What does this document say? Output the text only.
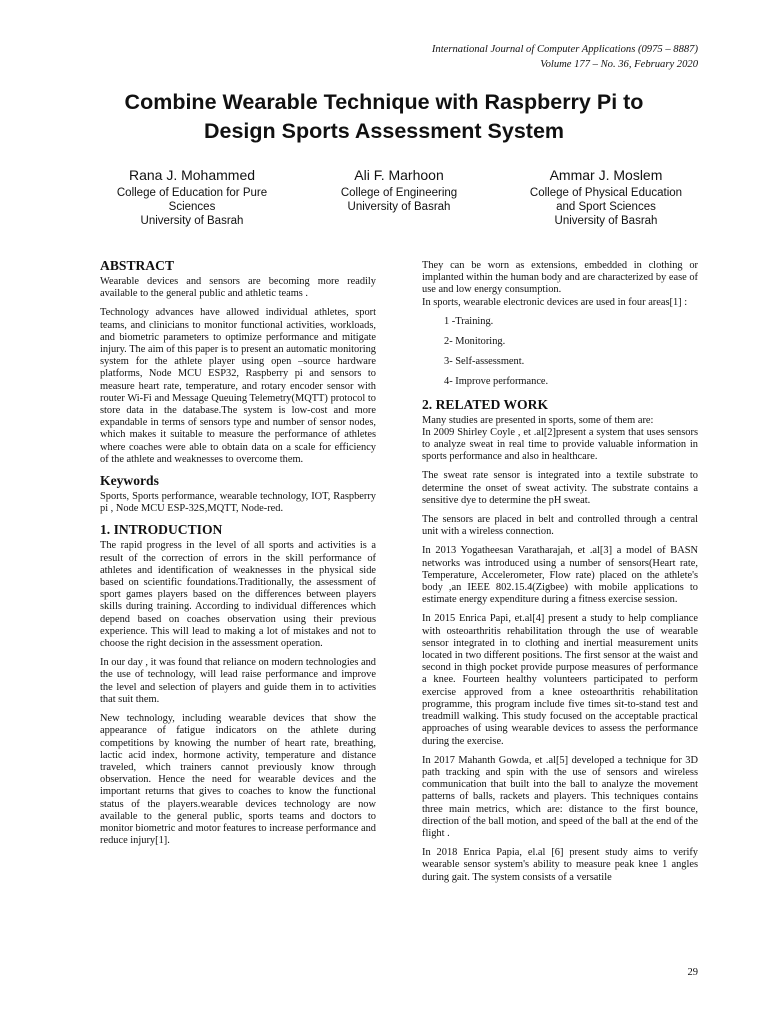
International Journal of Computer Applications (0975 – 8887)
Volume 177 – No. 36, February 2020
Combine Wearable Technique with Raspberry Pi to
Design Sports Assessment System
Rana J. Mohammed
College of Education for Pure
Sciences
University of Basrah
Ali F. Marhoon
College of Engineering
University of Basrah
Ammar J. Moslem
College of Physical Education
and Sport Sciences
University of Basrah
ABSTRACT

Wearable devices and sensors are becoming more readily available to the general public and athletic teams .

Technology advances have allowed individual athletes, sport teams, and clinicians to monitor functional activities, workloads, and biometric parameters to optimize performance and mitigate injury. The aim of this paper is to present an automatic monitoring system for the athlete player using open –source hardware platforms, Node MCU ESP32, Raspberry pi and sensors to measure heart rate, temperature, and rotary encoder sensor with router Wi-Fi and Message Queuing Telemetry(MQTT) protocol to store data in the database.The system is low-cost and more expandable in terms of sensors type and number of sensor nodes, which makes it suitable to measure the performance of athletes where coaches were able to obtain data on a scale for efficiency of the athlete and weaknesses to overcome them.

Keywords

Sports, Sports performance, wearable technology, IOT, Raspberry pi , Node MCU ESP-32S,MQTT, Node-red.

1. INTRODUCTION

The rapid progress in the level of all sports and activities is a result of the correction of errors in the skill performance of athletes and identification of weaknesses in the physical side based on scientific foundations.Traditionally, the assessment of sport games players based on the differences between players skills during training. According to individual differences which depend based on coaches observation using their previous experience. This will lead to making a lot of mistakes and not to choose the right decision in the assessment operation.

In our day , it was found that reliance on modern technologies and the use of technology, will lead raise performance and improve the level and selection of players and guide them in to activities that suit them.

New technology, including wearable devices that show the appearance of fatigue indicators on the athlete during competitions by knowing the number of heart rate, breathing, lactic acid index, hormone activity, temperature and distance traveled, which trainers cannot previously know through observation. Hence the need for wearable devices and the important returns that gives to coaches to know the functional status of the players.wearable devices technology are now available to the general public, sports teams and doctors to monitor biometric and motor features to increase performance and reduce injury[1].

They can be worn as extensions, embedded in clothing or implanted within the human body and are characterized by ease of use and low energy consumption.

In sports, wearable electronic devices are used in four areas[1] :

1 -Training.
2- Monitoring.
3- Self-assessment.
4- Improve performance.
2. RELATED WORK

Many studies are presented in sports, some of them are:

In 2009 Shirley Coyle , et .al[2]present a system that uses sensors to analyze sweat in real time to provide valuable information in sports performance and also in healthcare.

The sweat rate sensor is integrated into a textile substrate to determine the onset of sweat activity. The substrate contains a sensitive dye to determine the pH sweat.

The sensors are placed in belt and controlled through a central unit with a wireless connection.

In 2013 Yogatheesan Varatharajah, et .al[3] a model of BASN networks was introduced using a number of sensors(Heart rate, Temperature, Accelerometer, Flow rate) placed on the athlete's body ,an IEEE 802.15.4(Zigbee) with mobile applications to estimate energy expenditure during a fitness exercise session.

In 2015 Enrica Papi, et.al[4] present a study to help compliance with osteoarthritis rehabilitation through the use of wearable sensor integrated in to clothing and inertial measurement units located in two different positions. The first sensor at the waist and second in thigh pocket provide purpose measures of performance a knee. Fourteen healthy volunteers participated to perform exercise approved from a knee osteoarthritis rehabilitation programme, this program include five times sit-to-stand test and treadmill walking. This study focused on the acceptable practical approaches of using wearable devices to assess the performance during the exercise.

In 2017 Mahanth Gowda, et .al[5] developed a technique for 3D path tracking and spin with the use of sensors and wireless communication that built into the ball to analyze the movement patterns of balls, rackets and players. This techniques contains three main metrics, which are: distance to the first bounce, direction of the ball motion, and speed of the ball at the end of the flight .

In 2018 Enrica Papia, el.al [6] present study aims to verify wearable sensor system's ability to measure peak knee 1 angles during gait. The system consists of a versatile

29
